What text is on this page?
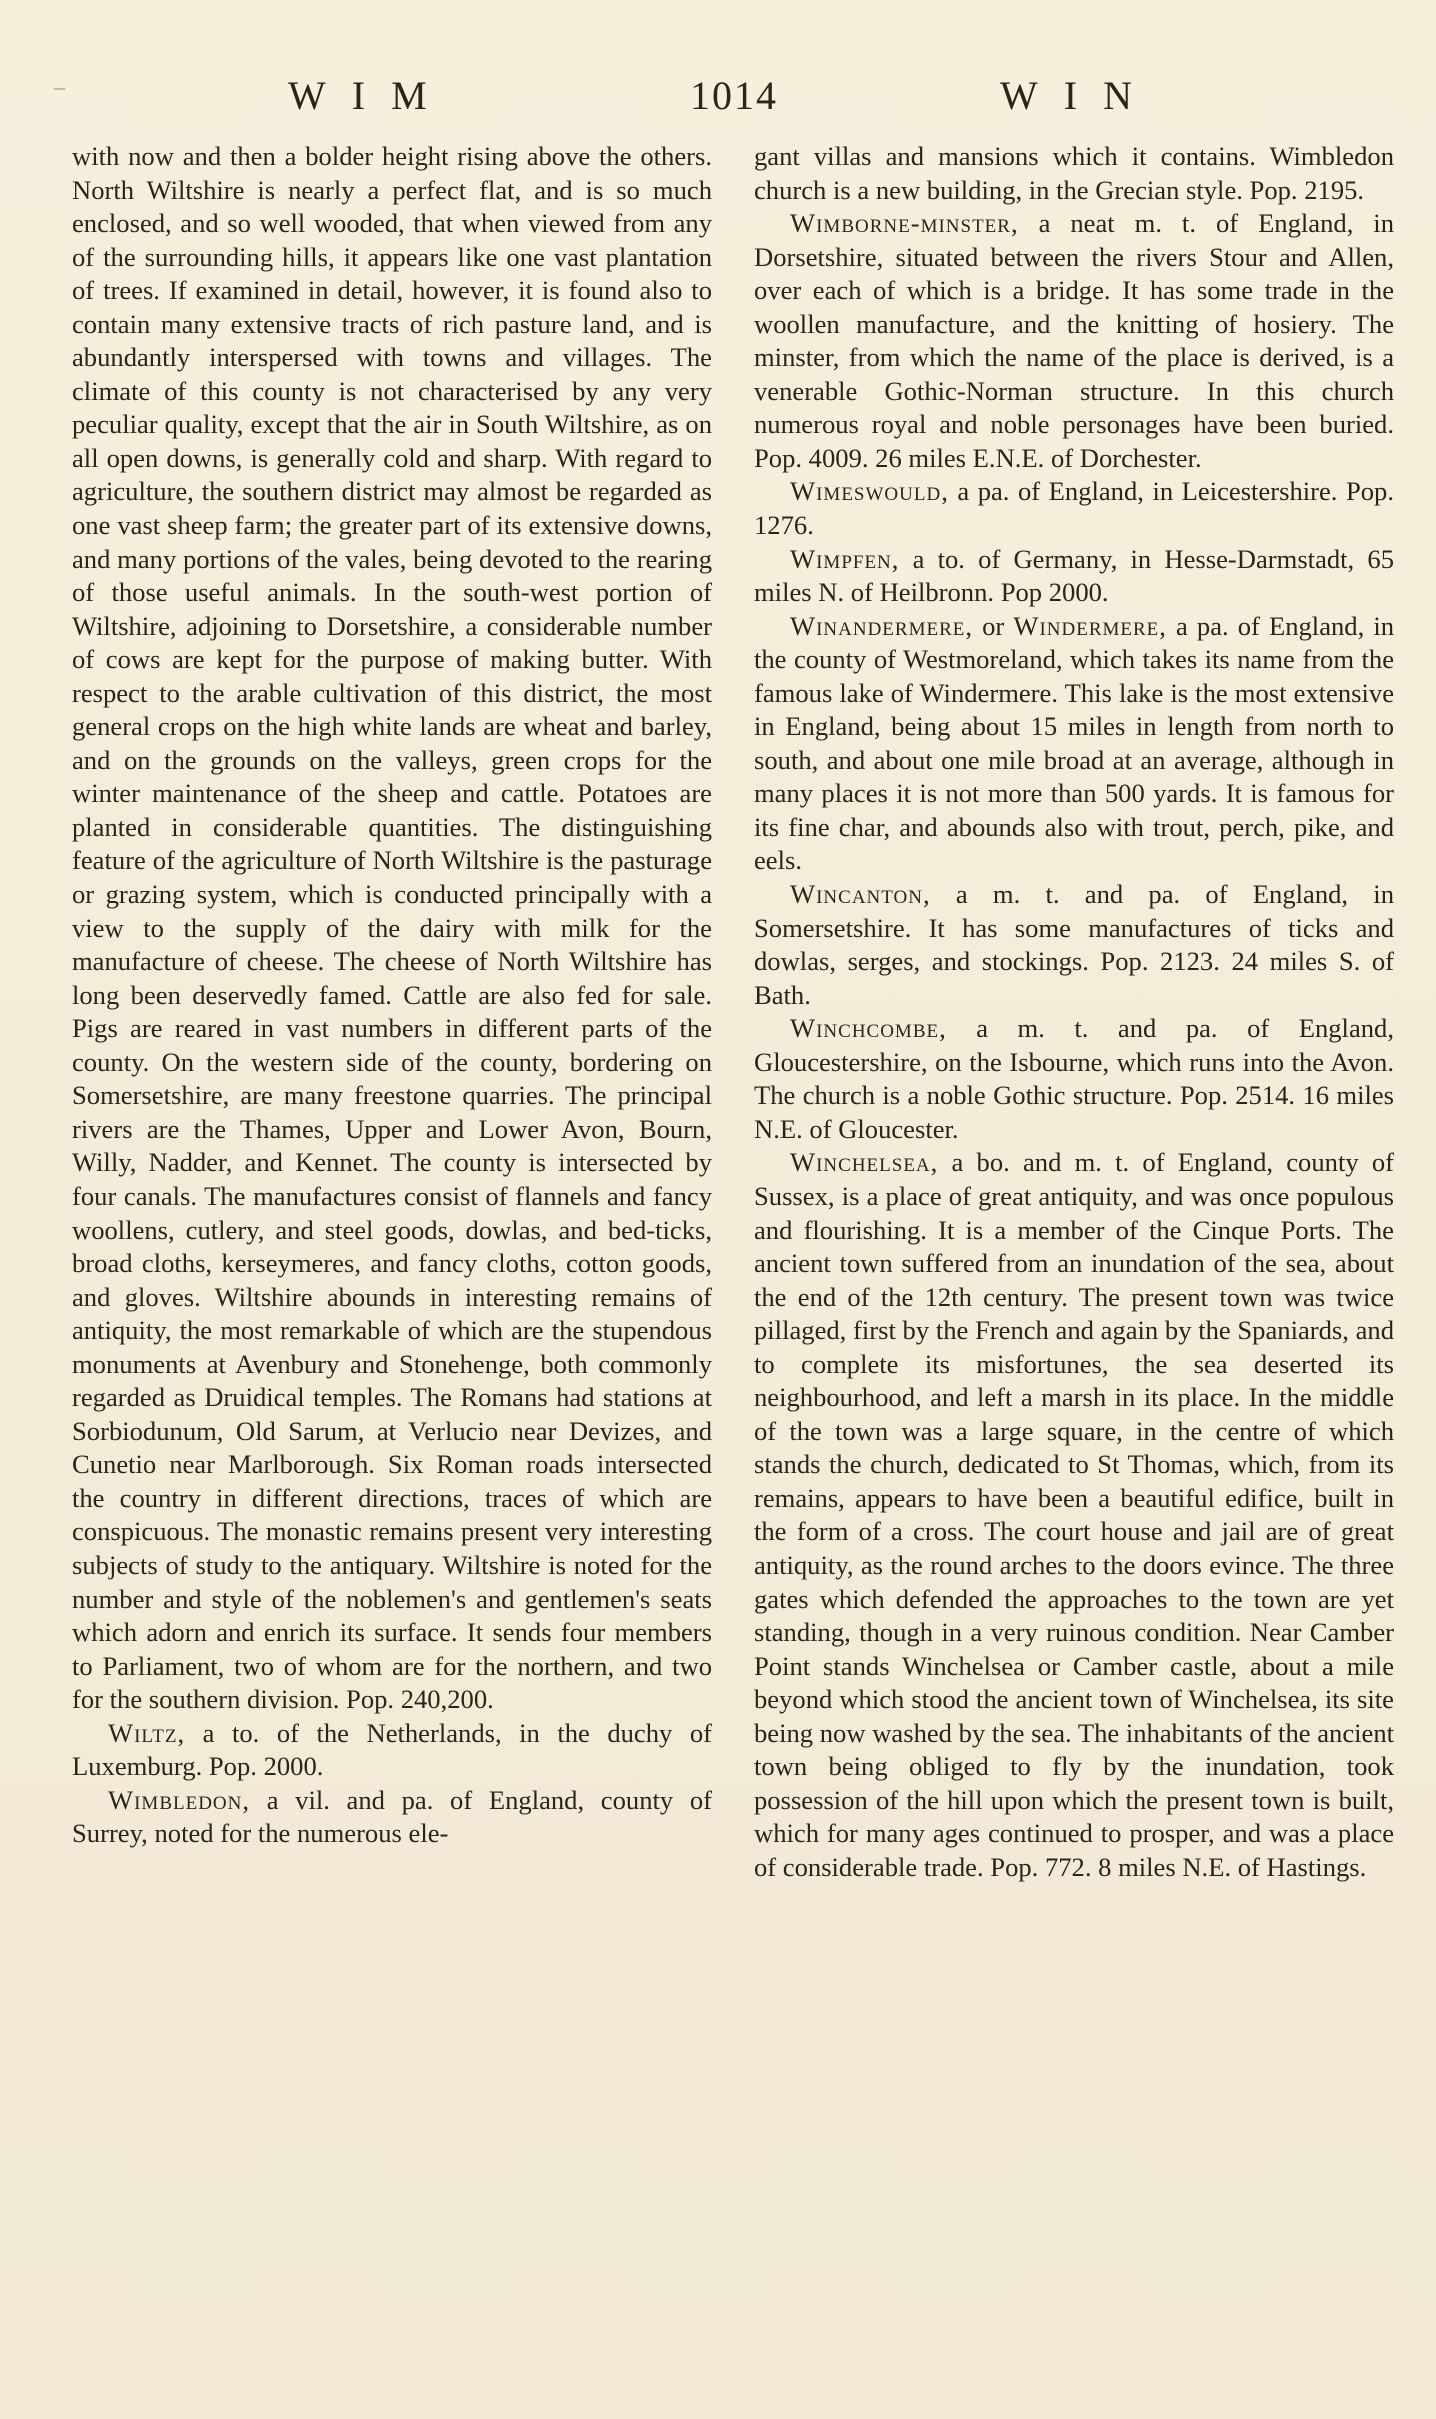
–	WIM	1014	WIN

with now and then a bolder height rising above the others. North Wiltshire is nearly a perfect flat, and is so much enclosed, and so well wooded, that when viewed from any of the surrounding hills, it appears like one vast plantation of trees. If examined in detail, however, it is found also to contain many extensive tracts of rich pasture land, and is abundantly interspersed with towns and villages. The climate of this county is not characterised by any very peculiar quality, except that the air in South Wiltshire, as on all open downs, is generally cold and sharp. With regard to agriculture, the southern district may almost be regarded as one vast sheep farm; the greater part of its extensive downs, and many portions of the vales, being devoted to the rearing of those useful animals. In the south-west portion of Wiltshire, adjoining to Dorsetshire, a considerable number of cows are kept for the purpose of making butter. With respect to the arable cultivation of this district, the most general crops on the high white lands are wheat and barley, and on the grounds on the valleys, green crops for the winter maintenance of the sheep and cattle. Potatoes are planted in considerable quantities. The distinguishing feature of the agriculture of North Wiltshire is the pasturage or grazing system, which is conducted principally with a view to the supply of the dairy with milk for the manufacture of cheese. The cheese of North Wiltshire has long been deservedly famed. Cattle are also fed for sale. Pigs are reared in vast numbers in different parts of the county. On the western side of the county, bordering on Somersetshire, are many freestone quarries. The principal rivers are the Thames, Upper and Lower Avon, Bourn, Willy, Nadder, and Kennet. The county is intersected by four canals. The manufactures consist of flannels and fancy woollens, cutlery, and steel goods, dowlas, and bed-ticks, broad cloths, kerseymeres, and fancy cloths, cotton goods, and gloves. Wiltshire abounds in interesting remains of antiquity, the most remarkable of which are the stupendous monuments at Avenbury and Stonehenge, both commonly regarded as Druidical temples. The Romans had stations at Sorbiodunum, Old Sarum, at Verlucio near Devizes, and Cunetio near Marlborough. Six Roman roads intersected the country in different directions, traces of which are conspicuous. The monastic remains present very interesting subjects of study to the antiquary. Wiltshire is noted for the number and style of the noblemen's and gentlemen's seats which adorn and enrich its surface. It sends four members to Parliament, two of whom are for the northern, and two for the southern division. Pop. 240,200.

Wiltz, a to. of the Netherlands, in the duchy of Luxemburg. Pop. 2000.

Wimbledon, a vil. and pa. of England, county of Surrey, noted for the numerous ele-

gant villas and mansions which it contains. Wimbledon church is a new building, in the Grecian style. Pop. 2195.

Wimborne-minster, a neat m. t. of England, in Dorsetshire, situated between the rivers Stour and Allen, over each of which is a bridge. It has some trade in the woollen manufacture, and the knitting of hosiery. The minster, from which the name of the place is derived, is a venerable Gothic-Norman structure. In this church numerous royal and noble personages have been buried. Pop. 4009. 26 miles E.N.E. of Dorchester.

Wimeswould, a pa. of England, in Leicestershire. Pop. 1276.

Wimpfen, a to. of Germany, in Hesse-Darmstadt, 65 miles N. of Heilbronn. Pop 2000.

Winandermere, or Windermere, a pa. of England, in the county of Westmoreland, which takes its name from the famous lake of Windermere. This lake is the most extensive in England, being about 15 miles in length from north to south, and about one mile broad at an average, although in many places it is not more than 500 yards. It is famous for its fine char, and abounds also with trout, perch, pike, and eels.

Wincanton, a m. t. and pa. of England, in Somersetshire. It has some manufactures of ticks and dowlas, serges, and stockings. Pop. 2123. 24 miles S. of Bath.

Winchcombe, a m. t. and pa. of England, Gloucestershire, on the Isbourne, which runs into the Avon. The church is a noble Gothic structure. Pop. 2514. 16 miles N.E. of Gloucester.

Winchelsea, a bo. and m. t. of England, county of Sussex, is a place of great antiquity, and was once populous and flourishing. It is a member of the Cinque Ports. The ancient town suffered from an inundation of the sea, about the end of the 12th century. The present town was twice pillaged, first by the French and again by the Spaniards, and to complete its misfortunes, the sea deserted its neighbourhood, and left a marsh in its place. In the middle of the town was a large square, in the centre of which stands the church, dedicated to St Thomas, which, from its remains, appears to have been a beautiful edifice, built in the form of a cross. The court house and jail are of great antiquity, as the round arches to the doors evince. The three gates which defended the approaches to the town are yet standing, though in a very ruinous condition. Near Camber Point stands Winchelsea or Camber castle, about a mile beyond which stood the ancient town of Winchelsea, its site being now washed by the sea. The inhabitants of the ancient town being obliged to fly by the inundation, took possession of the hill upon which the present town is built, which for many ages continued to prosper, and was a place of considerable trade. Pop. 772. 8 miles N.E. of Hastings.
